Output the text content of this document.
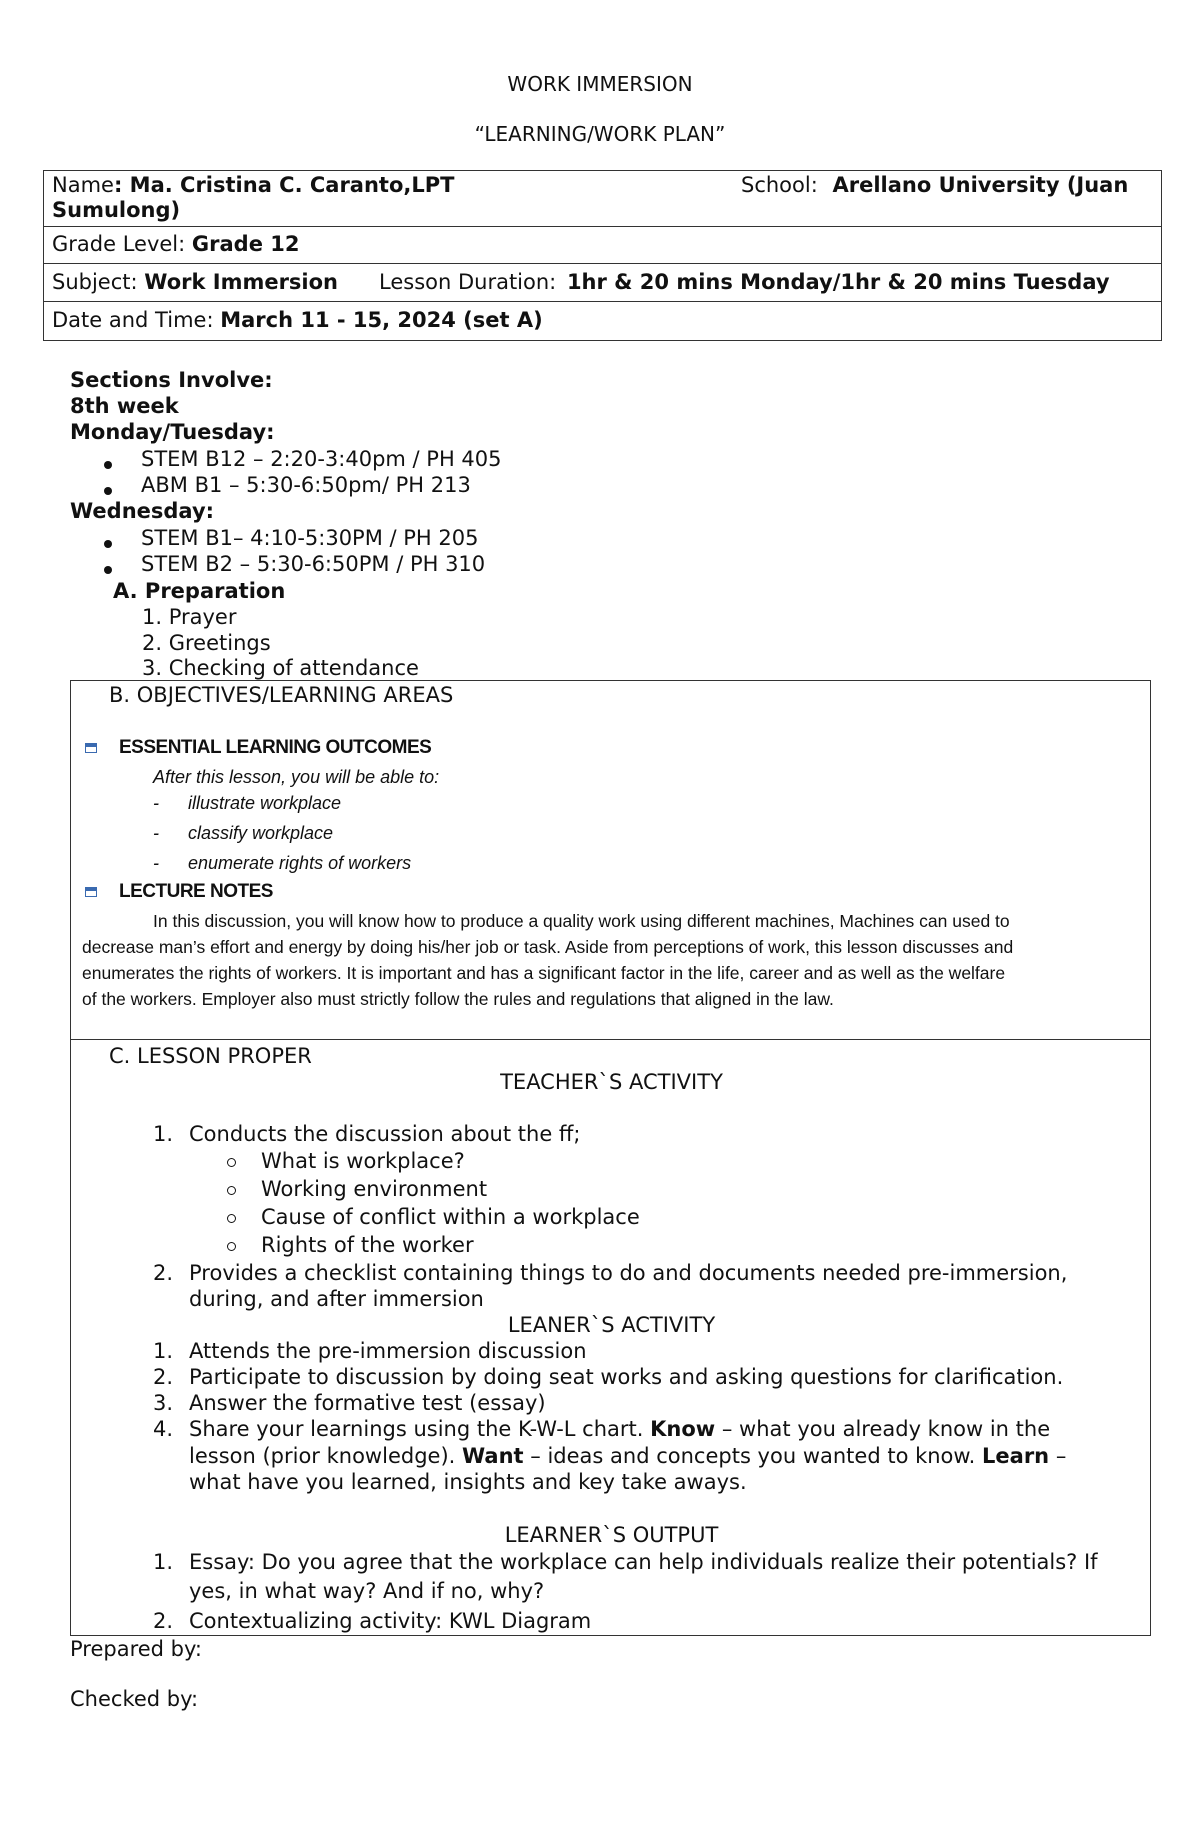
WORK IMMERSION
“LEARNING/WORK PLAN”
Name: Ma. Cristina C. Caranto,LPT
Sumulong)
School: Arellano University (Juan
Grade Level: Grade 12
Subject: Work Immersion Lesson Duration: 1hr & 20 mins Monday/1hr & 20 mins Tuesday
Date and Time: March 11 - 15, 2024 (set A)
Sections Involve:
8th week
Monday/Tuesday:
STEM B12 – 2:20-3:40pm / PH 405
ABM B1 – 5:30-6:50pm/ PH 213
Wednesday:
STEM B1– 4:10-5:30PM / PH 205
STEM B2 – 5:30-6:50PM / PH 310
A. Preparation
1. Prayer
2. Greetings
3. Checking of attendance
B. OBJECTIVES/LEARNING AREAS
ESSENTIAL LEARNING OUTCOMES
After this lesson, you will be able to:
- illustrate workplace
- classify workplace
- enumerate rights of workers
LECTURE NOTES
In this discussion, you will know how to produce a quality work using different machines, Machines can used to
decrease man’s effort and energy by doing his/her job or task. Aside from perceptions of work, this lesson discusses and
enumerates the rights of workers. It is important and has a significant factor in the life, career and as well as the welfare
of the workers. Employer also must strictly follow the rules and regulations that aligned in the law.
C. LESSON PROPER
TEACHER`S ACTIVITY
1. Conducts the discussion about the ff;
What is workplace?
Working environment
Cause of conflict within a workplace
Rights of the worker
2. Provides a checklist containing things to do and documents needed pre-immersion,
during, and after immersion
LEANER`S ACTIVITY
1. Attends the pre-immersion discussion
2. Participate to discussion by doing seat works and asking questions for clarification.
3. Answer the formative test (essay)
4. Share your learnings using the K-W-L chart. Know – what you already know in the
lesson (prior knowledge). Want – ideas and concepts you wanted to know. Learn –
what have you learned, insights and key take aways.
LEARNER`S OUTPUT
1. Essay: Do you agree that the workplace can help individuals realize their potentials? If
yes, in what way? And if no, why?
2. Contextualizing activity: KWL Diagram
Prepared by:
Checked by:
